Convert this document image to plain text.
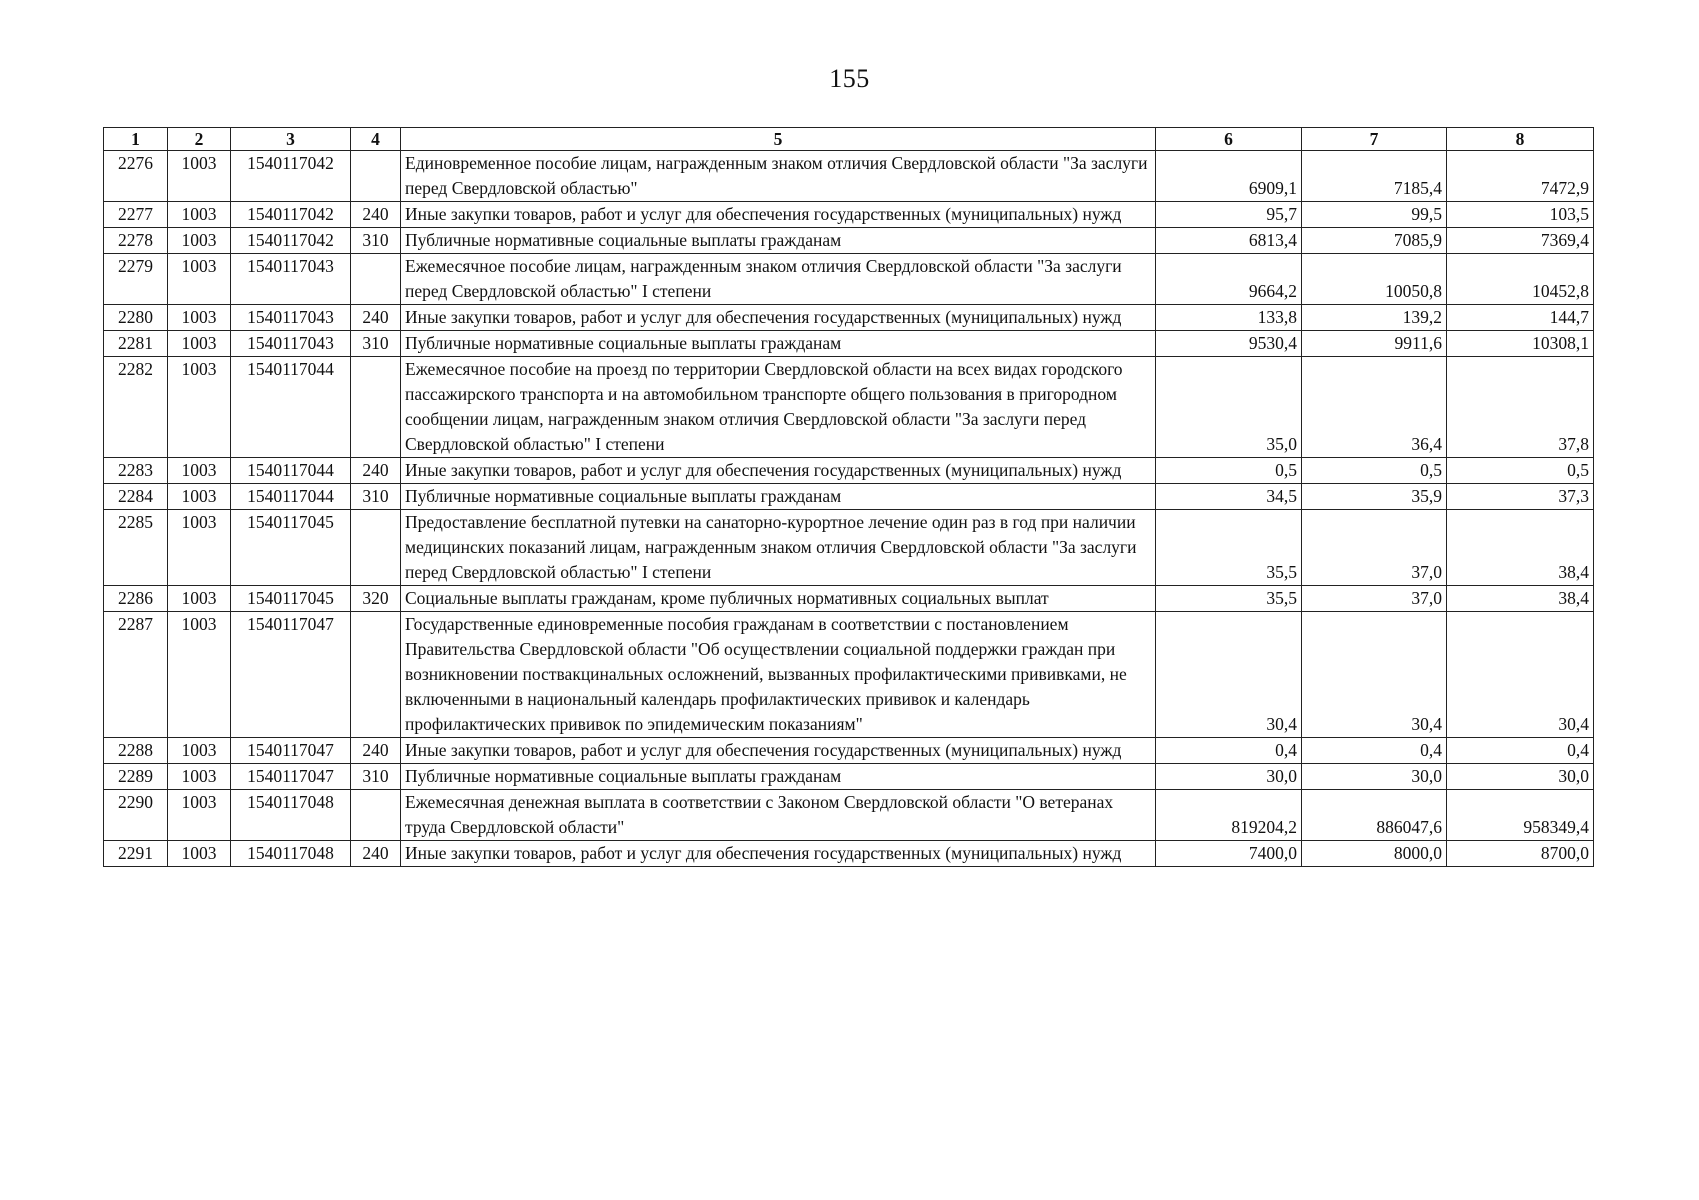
155
1	2	3	4	5	6	7	8
2276	1003	1540117042		Единовременное пособие лицам, награжденным знаком отличия Свердловской области "За заслуги перед Свердловской областью"	6909,1	7185,4	7472,9
2277	1003	1540117042	240	Иные закупки товаров, работ и услуг для обеспечения государственных (муниципальных) нужд	95,7	99,5	103,5
2278	1003	1540117042	310	Публичные нормативные социальные выплаты гражданам	6813,4	7085,9	7369,4
2279	1003	1540117043		Ежемесячное пособие лицам, награжденным знаком отличия Свердловской области "За заслуги перед Свердловской областью" I степени	9664,2	10050,8	10452,8
2280	1003	1540117043	240	Иные закупки товаров, работ и услуг для обеспечения государственных (муниципальных) нужд	133,8	139,2	144,7
2281	1003	1540117043	310	Публичные нормативные социальные выплаты гражданам	9530,4	9911,6	10308,1
2282	1003	1540117044		Ежемесячное пособие на проезд по территории Свердловской области на всех видах городского пассажирского транспорта и на автомобильном транспорте общего пользования в пригородном сообщении лицам, награжденным знаком отличия Свердловской области "За заслуги перед Свердловской областью" I степени	35,0	36,4	37,8
2283	1003	1540117044	240	Иные закупки товаров, работ и услуг для обеспечения государственных (муниципальных) нужд	0,5	0,5	0,5
2284	1003	1540117044	310	Публичные нормативные социальные выплаты гражданам	34,5	35,9	37,3
2285	1003	1540117045		Предоставление бесплатной путевки на санаторно-курортное лечение один раз в год при наличии медицинских показаний лицам, награжденным знаком отличия Свердловской области "За заслуги перед Свердловской областью" I степени	35,5	37,0	38,4
2286	1003	1540117045	320	Социальные выплаты гражданам, кроме публичных нормативных социальных выплат	35,5	37,0	38,4
2287	1003	1540117047		Государственные единовременные пособия гражданам в соответствии с постановлением Правительства Свердловской области "Об осуществлении социальной поддержки граждан при возникновении поствакцинальных осложнений, вызванных профилактическими прививками, не включенными в национальный календарь профилактических прививок и календарь профилактических прививок по эпидемическим показаниям"	30,4	30,4	30,4
2288	1003	1540117047	240	Иные закупки товаров, работ и услуг для обеспечения государственных (муниципальных) нужд	0,4	0,4	0,4
2289	1003	1540117047	310	Публичные нормативные социальные выплаты гражданам	30,0	30,0	30,0
2290	1003	1540117048		Ежемесячная денежная выплата в соответствии с Законом Свердловской области "О ветеранах труда Свердловской области"	819204,2	886047,6	958349,4
2291	1003	1540117048	240	Иные закупки товаров, работ и услуг для обеспечения государственных (муниципальных) нужд	7400,0	8000,0	8700,0
